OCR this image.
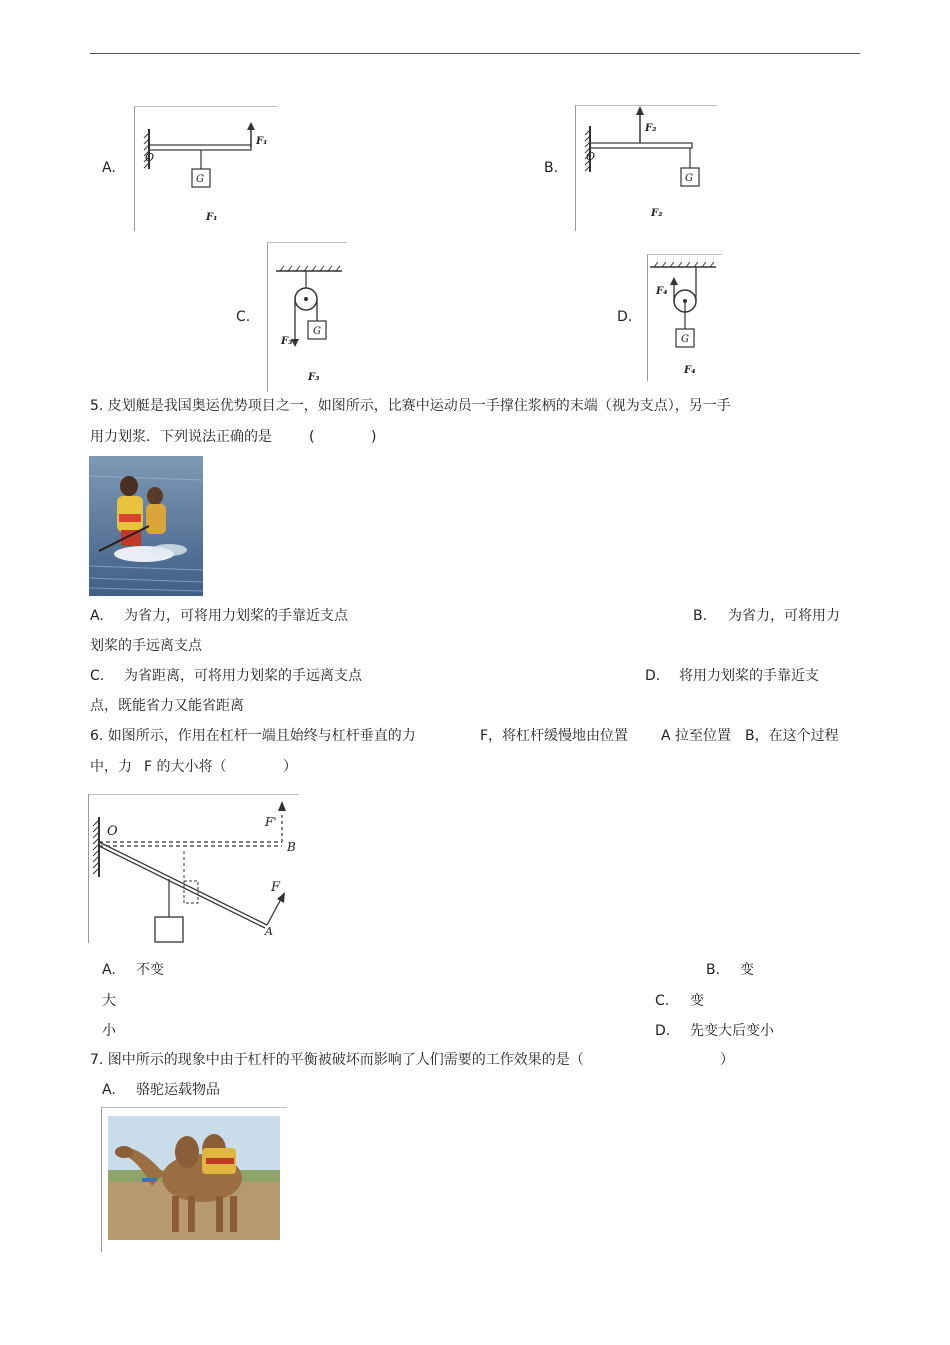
A.
O
G
F₁
F₁
B.
O
G
F₂
F₂
C.
G
F₃
F₃
D.
G
F₄
F₄
5. 皮划艇是我国奥运优势项目之一，如图所示，比赛中运动员一手撑住浆柄的末端（视为支点），另一手
用力划浆．下列说法正确的是	(	)
A. 为省力，可将用力划桨的手靠近支点	B. 为省力，可将用力
划桨的手远离支点
C. 为省距离，可将用力划桨的手远离支点	D. 将用力划桨的手靠近支
点，既能省力又能省距离
6. 如图所示，作用在杠杆一端且始终与杠杆垂直的力	F，将杠杆缓慢地由位置 A 拉至位置 B，在这个过程
中，力 F 的大小将（	）
O
B
F'
F
A
A. 不变	B. 变
大	C. 变
小	D. 先变大后变小
7. 图中所示的现象中由于杠杆的平衡被破坏而影响了人们需要的工作效果的是（	）
A. 骆驼运载物品
